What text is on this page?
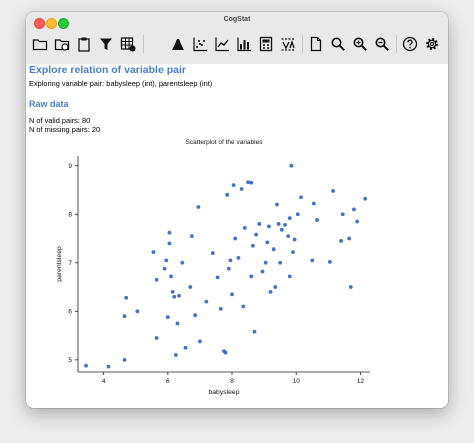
CogStat
Explore relation of variable pair
Exploring variable pair: babysleep (int), parentsleep (int)
Raw data
N of valid pairs: 80
N of missing pairs: 20
Scatterplot of the variables
4	6	8	10	12
5
6
7
8
9
babysleep
parentsleep
